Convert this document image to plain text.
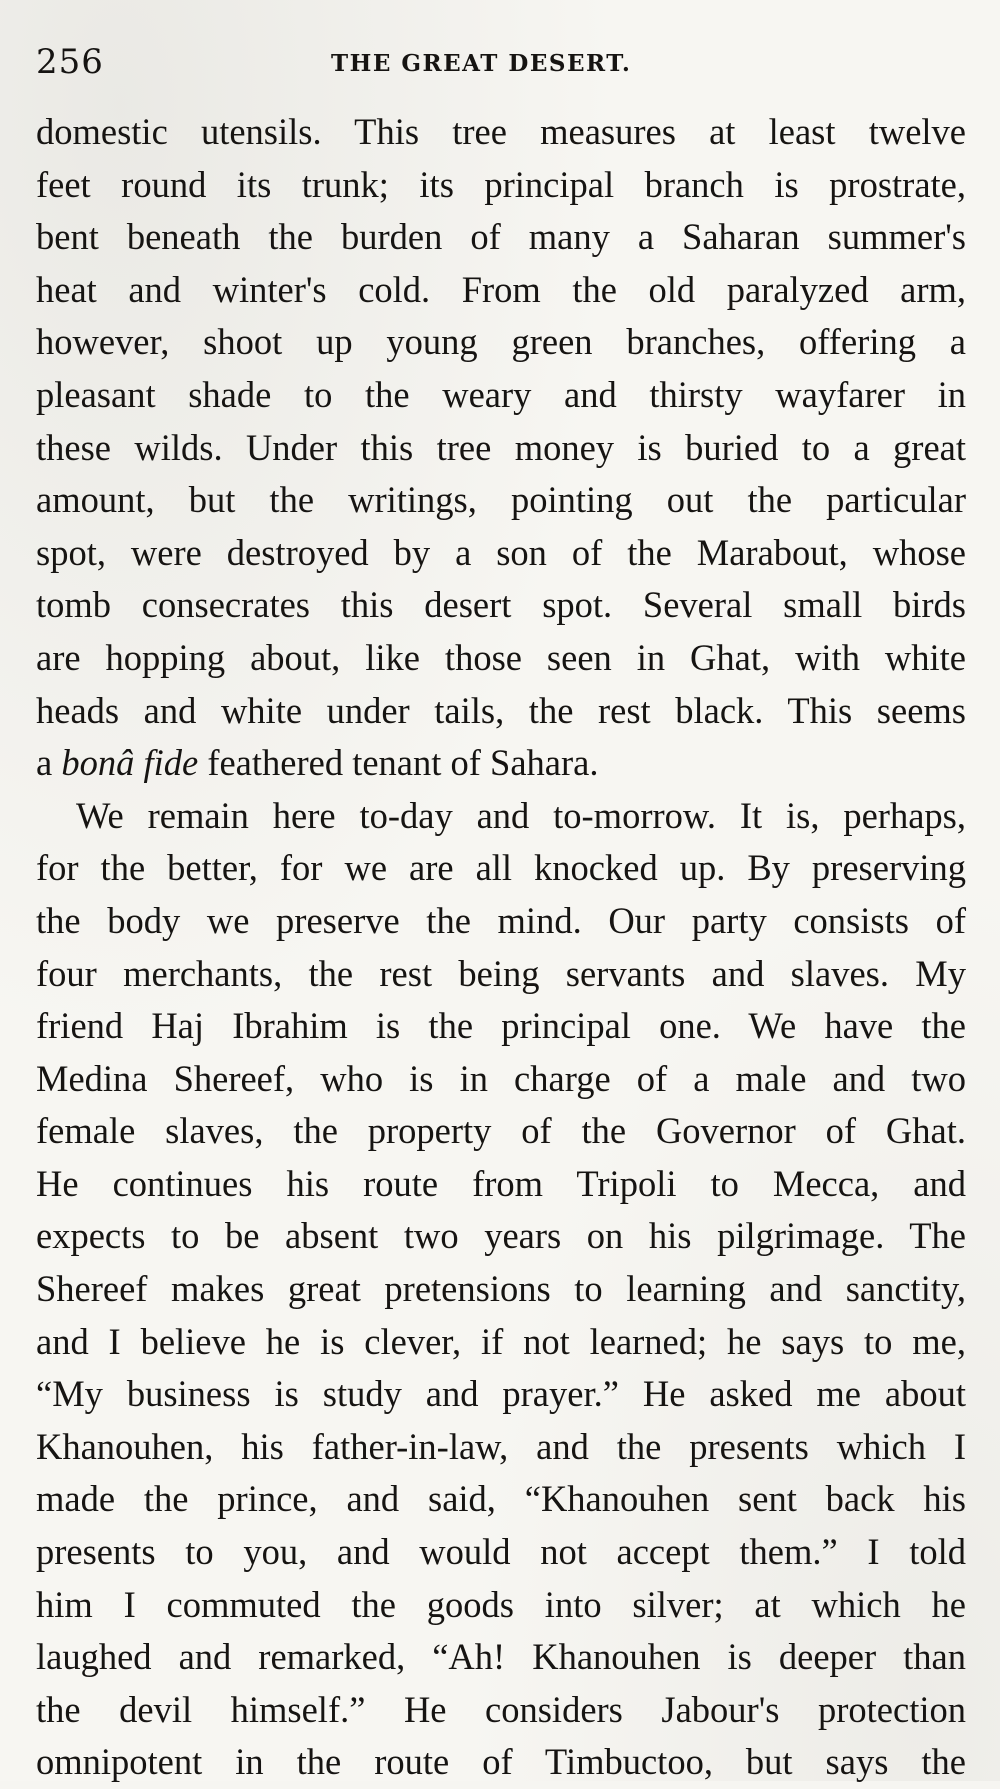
256	THE GREAT DESERT.
domestic utensils. This tree measures at least twelve
feet round its trunk; its principal branch is prostrate,
bent beneath the burden of many a Saharan summer's
heat and winter's cold. From the old paralyzed arm,
however, shoot up young green branches, offering a
pleasant shade to the weary and thirsty wayfarer in
these wilds. Under this tree money is buried to a great
amount, but the writings, pointing out the particular
spot, were destroyed by a son of the Marabout, whose
tomb consecrates this desert spot. Several small birds
are hopping about, like those seen in Ghat, with white
heads and white under tails, the rest black. This seems
a bonâ fide feathered tenant of Sahara.
We remain here to-day and to-morrow. It is, perhaps,
for the better, for we are all knocked up. By preserving
the body we preserve the mind. Our party consists of
four merchants, the rest being servants and slaves. My
friend Haj Ibrahim is the principal one. We have the
Medina Shereef, who is in charge of a male and two
female slaves, the property of the Governor of Ghat.
He continues his route from Tripoli to Mecca, and
expects to be absent two years on his pilgrimage. The
Shereef makes great pretensions to learning and sanctity,
and I believe he is clever, if not learned; he says to me,
“My business is study and prayer.” He asked me about
Khanouhen, his father-in-law, and the presents which I
made the prince, and said, “Khanouhen sent back his
presents to you, and would not accept them.” I told
him I commuted the goods into silver; at which he
laughed and remarked, “Ah! Khanouhen is deeper than
the devil himself.” He considers Jabour's protection
omnipotent in the route of Timbuctoo, but says the
